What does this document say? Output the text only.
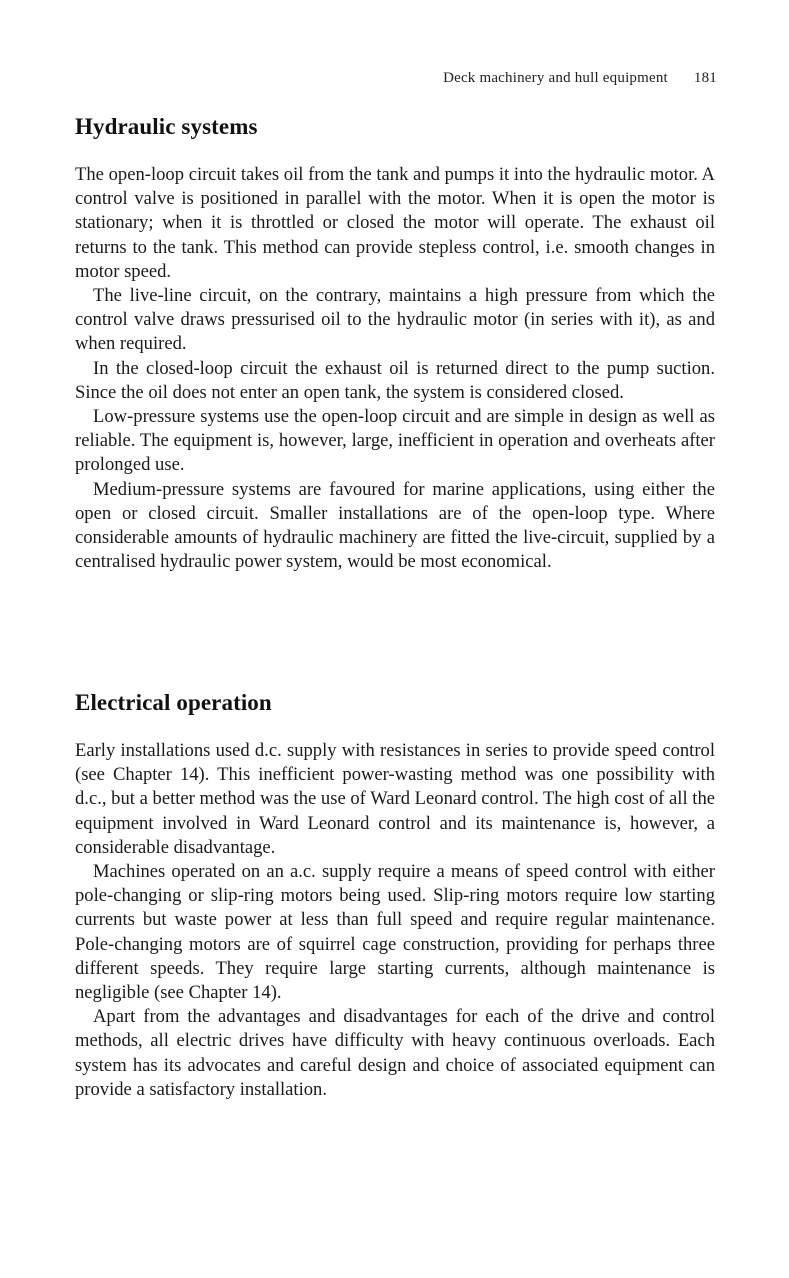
Deck machinery and hull equipment 181
Hydraulic systems

The open-loop circuit takes oil from the tank and pumps it into the hydraulic motor. A control valve is positioned in parallel with the motor. When it is open the motor is stationary; when it is throttled or closed the motor will operate. The exhaust oil returns to the tank. This method can provide stepless control, i.e. smooth changes in motor speed.

The live-line circuit, on the contrary, maintains a high pressure from which the control valve draws pressurised oil to the hydraulic motor (in series with it), as and when required.

In the closed-loop circuit the exhaust oil is returned direct to the pump suction. Since the oil does not enter an open tank, the system is considered closed.

Low-pressure systems use the open-loop circuit and are simple in design as well as reliable. The equipment is, however, large, inefficient in operation and overheats after prolonged use.

Medium-pressure systems are favoured for marine applications, using either the open or closed circuit. Smaller installations are of the open-loop type. Where considerable amounts of hydraulic machinery are fitted the live-circuit, supplied by a centralised hydraulic power system, would be most economical.

Electrical operation

Early installations used d.c. supply with resistances in series to provide speed control (see Chapter 14). This inefficient power-wasting method was one possibility with d.c., but a better method was the use of Ward Leonard control. The high cost of all the equipment involved in Ward Leonard control and its maintenance is, however, a considerable disadvantage.

Machines operated on an a.c. supply require a means of speed control with either pole-changing or slip-ring motors being used. Slip-ring motors require low starting currents but waste power at less than full speed and require regular maintenance. Pole-changing motors are of squirrel cage construction, providing for perhaps three different speeds. They require large starting currents, although maintenance is negligible (see Chapter 14).

Apart from the advantages and disadvantages for each of the drive and control methods, all electric drives have difficulty with heavy continuous overloads. Each system has its advocates and careful design and choice of associated equipment can provide a satisfactory installation.
